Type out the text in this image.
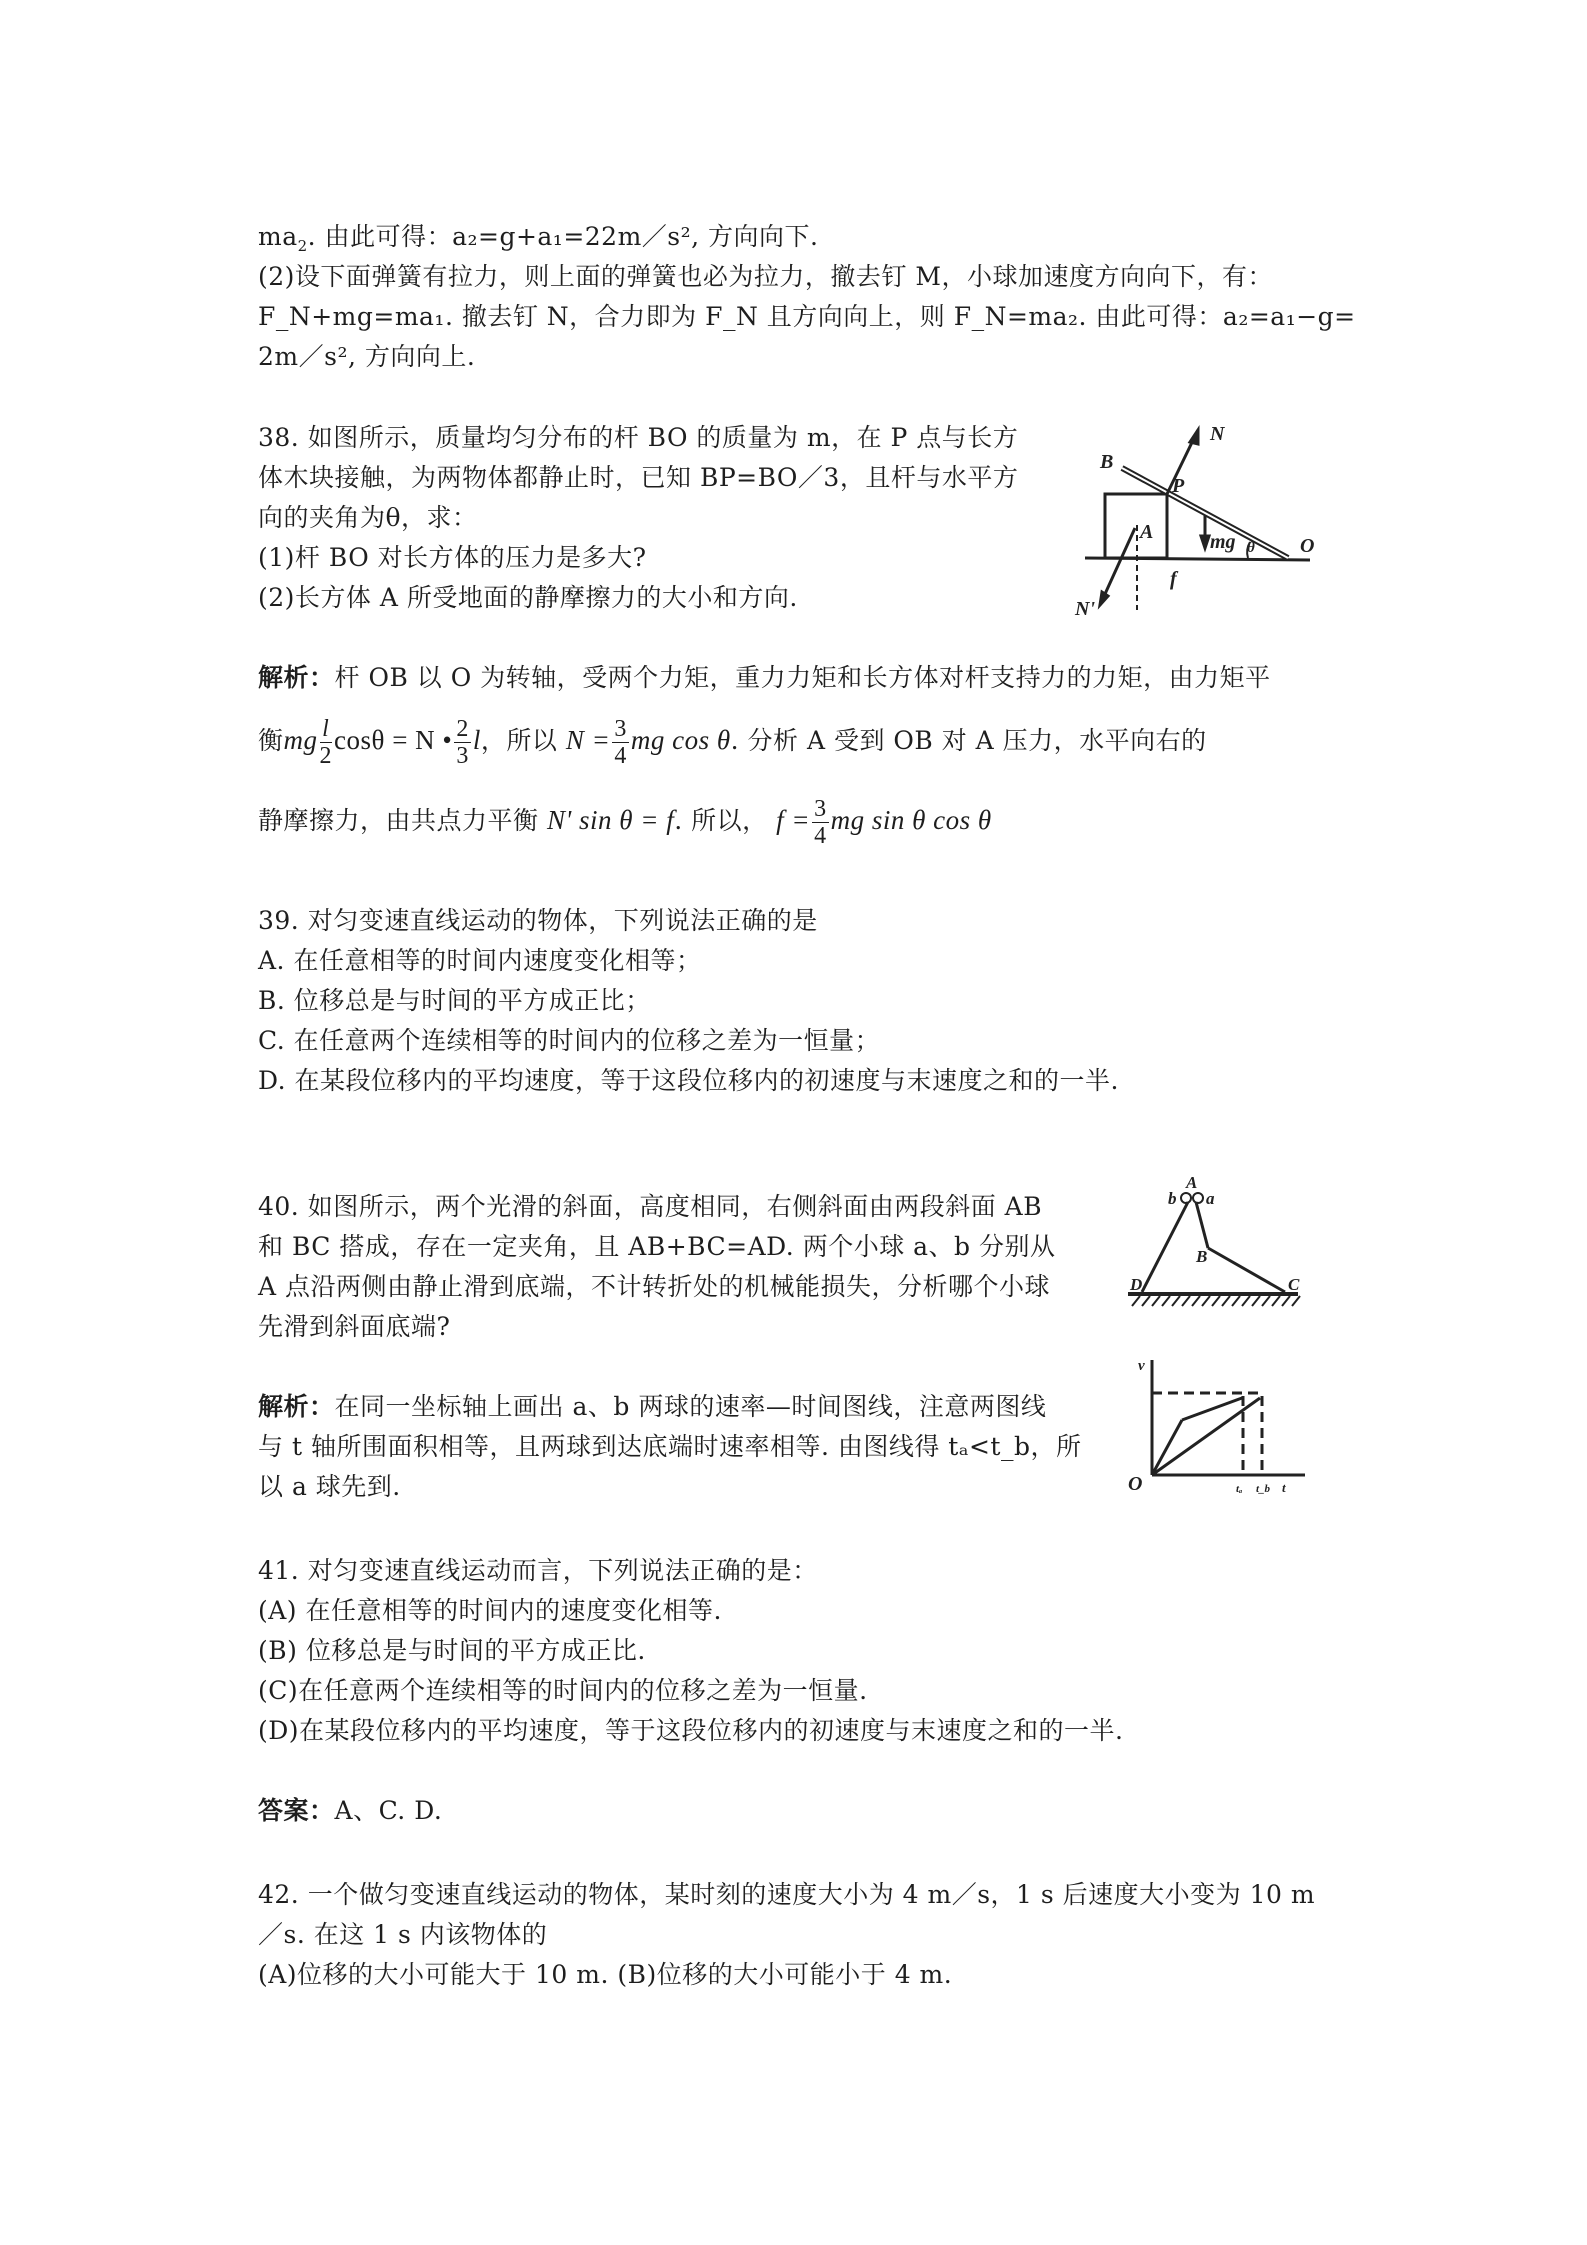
$ma_2$. 由此可得：a₂=g+a₁=22m／s², 方向向下.
(2)设下面弹簧有拉力，则上面的弹簧也必为拉力，撤去钉 M，小球加速度方向向下，有：
F_N+mg=ma₁. 撤去钉 N，合力即为 F_N 且方向向上，则 F_N=ma₂. 由此可得：a₂=a₁−g=
2m／s², 方向向上.
38. 如图所示，质量均匀分布的杆 BO 的质量为 m，在 P 点与长方
体木块接触，为两物体都静止时，已知 BP=BO／3，且杆与水平方
向的夹角为θ，求：
(1)杆 BO 对长方体的压力是多大?
(2)长方体 A 所受地面的静摩擦力的大小和方向.
B
N
P
A	mg θ O
N'
f
解析：杆 OB 以 O 为转轴，受两个力矩，重力力矩和长方体对杆支持力的力矩，由力矩平
衡mg $\frac{l}{2}$ cosθ = N • $\frac{2}{3}$ l，所以 $N = \frac{3}{4}$ mg cos θ. 分析 A 受到 OB 对 A 压力，水平向右的
静摩擦力，由共点力平衡 N' sin θ = f. 所以， $f = \frac{3}{4}$ mg sin θ cos θ
39. 对匀变速直线运动的物体，下列说法正确的是
A. 在任意相等的时间内速度变化相等；
B. 位移总是与时间的平方成正比；
C. 在任意两个连续相等的时间内的位移之差为一恒量；
D. 在某段位移内的平均速度，等于这段位移内的初速度与末速度之和的一半.
40. 如图所示，两个光滑的斜面，高度相同，右侧斜面由两段斜面 AB
和 BC 搭成，存在一定夹角，且 AB+BC=AD. 两个小球 a、b 分别从
A 点沿两侧由静止滑到底端，不计转折处的机械能损失，分析哪个小球
先滑到斜面底端?
A
b a
B
D	C
解析：在同一坐标轴上画出 a、b 两球的速率—时间图线，注意两图线
与 t 轴所围面积相等，且两球到达底端时速率相等. 由图线得 tₐ<t_b，所
以 a 球先到.
v
O	tₐ t_b t
41. 对匀变速直线运动而言，下列说法正确的是：
(A) 在任意相等的时间内的速度变化相等.
(B) 位移总是与时间的平方成正比.
(C)在任意两个连续相等的时间内的位移之差为一恒量.
(D)在某段位移内的平均速度，等于这段位移内的初速度与末速度之和的一半.
答案：A、C. D.
42. 一个做匀变速直线运动的物体，某时刻的速度大小为 4 m／s，1 s 后速度大小变为 10 m
／s. 在这 1 s 内该物体的
(A)位移的大小可能大于 10 m. (B)位移的大小可能小于 4 m.
